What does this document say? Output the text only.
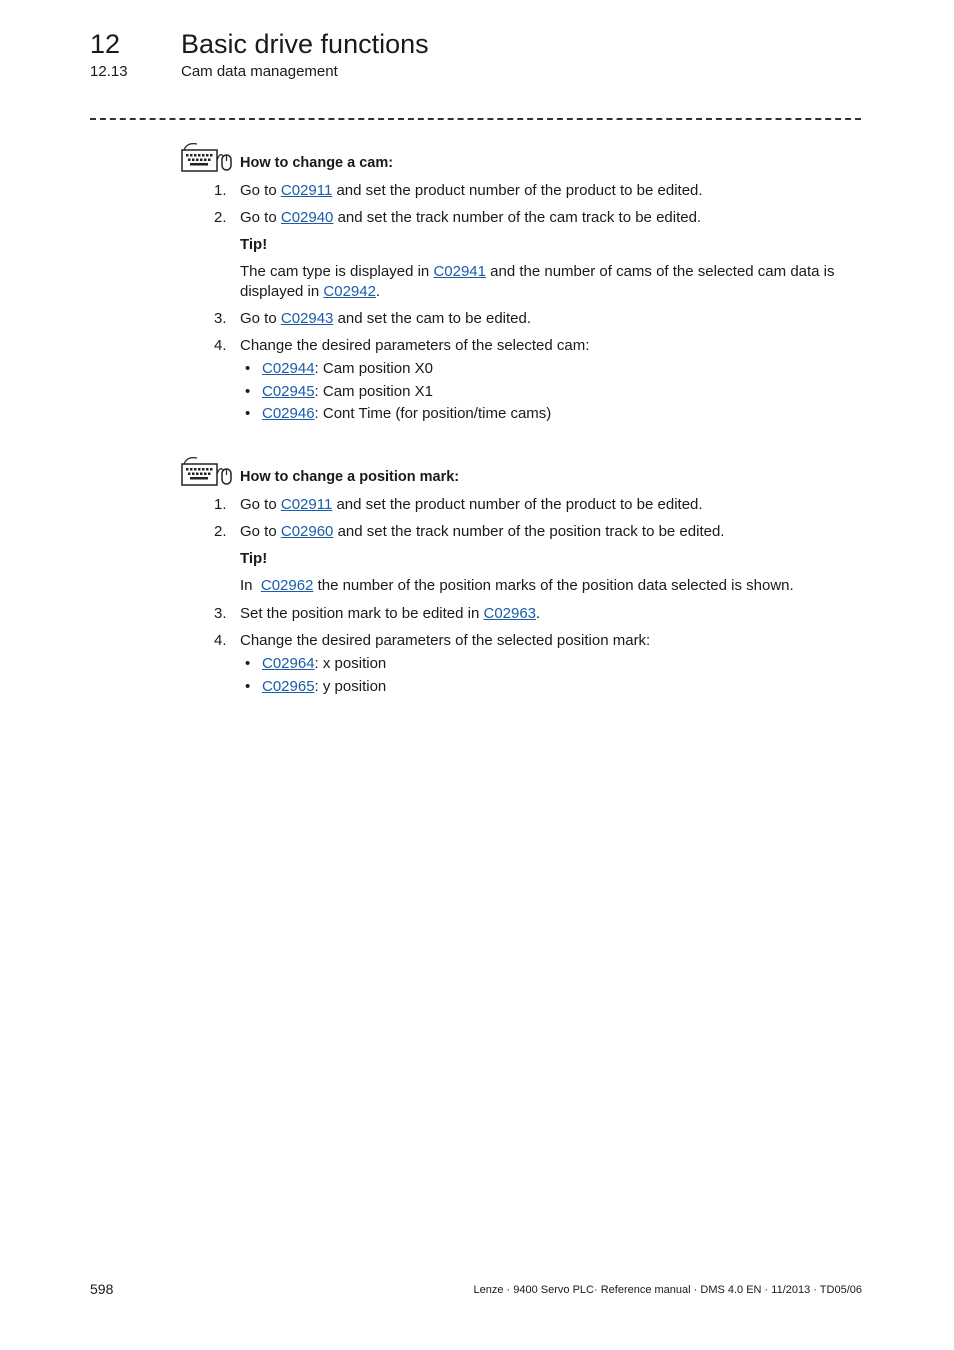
12 Basic drive functions
12.13	Cam data management
How to change a cam:
1. Go to C02911 and set the product number of the product to be edited.
2. Go to C02940 and set the track number of the cam track to be edited.
Tip!
The cam type is displayed in C02941 and the number of cams of the selected cam data is displayed in C02942.
3. Go to C02943 and set the cam to be edited.
4. Change the desired parameters of the selected cam:
• C02944: Cam position X0
• C02945: Cam position X1
• C02946: Cont Time (for position/time cams)
How to change a position mark:
1. Go to C02911 and set the product number of the product to be edited.
2. Go to C02960 and set the track number of the position track to be edited.
Tip!
In  C02962 the number of the position marks of the position data selected is shown.
3. Set the position mark to be edited in C02963.
4. Change the desired parameters of the selected position mark:
• C02964: x position
• C02965: y position
598	Lenze · 9400 Servo PLC· Reference manual · DMS 4.0 EN · 11/2013 · TD05/06
